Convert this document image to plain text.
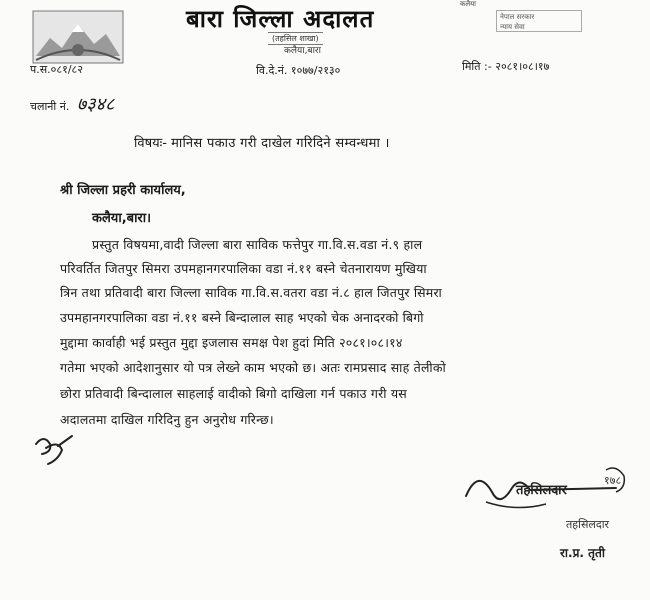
बारा जिल्ला अदालत
कलैया
(तहसिल शाखा)
कलैया,बारा
नेपाल सरकार
न्याय सेवा
प.स.०८१/८२	वि.दे.नं. १०७७/२१३०	मिति :- २०८१।०८।१७
चलानी नं. ७३४८
विषयः- मानिस पकाउ गरी दाखेल गरिदिने सम्वन्धमा ।
श्री जिल्ला प्रहरी कार्यालय,
कलैया,बारा।
प्रस्तुत विषयमा,वादी जिल्ला बारा साविक फत्तेपुर गा.वि.स.वडा नं.९ हाल
परिवर्तित जितपुर सिमरा उपमहानगरपालिका वडा नं.११ बस्ने चेतनारायण मुखिया
त्रिन तथा प्रतिवादी बारा जिल्ला साविक गा.वि.स.वतरा वडा नं.८ हाल जितपुर सिमरा
उपमहानगरपालिका वडा नं.११ बस्ने बिन्दालाल साह भएको चेक अनादरको बिगो
मुद्दामा कार्वाही भई प्रस्तुत मुद्दा इजलास समक्ष पेश हुदां मिति २०८१।०८।१४
गतेमा भएको आदेशानुसार यो पत्र लेख्ने काम भएको छ। अतः रामप्रसाद साह तेलीको
छोरा प्रतिवादी बिन्दालाल साहलाई वादीको बिगो दाखिला गर्न पकाउ गरी यस
अदालतमा दाखिल गरिदिनु हुन अनुरोध गरिन्छ।
तहसिलदार
१७८
तहसिलदार
रा.प्र. तृती
